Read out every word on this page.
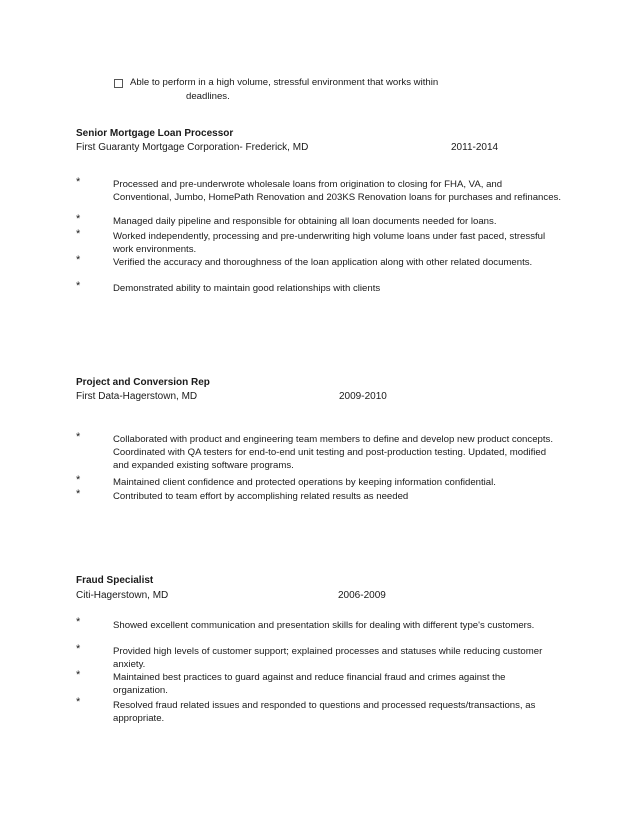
Able to perform in a high volume, stressful environment that works within
deadlines.
Senior Mortgage Loan Processor
First Guaranty Mortgage Corporation- Frederick, MD	2011-2014
*	Processed and pre-underwrote wholesale loans from origination to closing for FHA, VA, and Conventional, Jumbo, HomePath Renovation and 203KS Renovation loans for purchases and refinances.
*	Managed daily pipeline and responsible for obtaining all loan documents needed for loans.
*	Worked independently, processing and pre-underwriting high volume loans under fast paced, stressful work environments.
*	Verified the accuracy and thoroughness of the loan application along with other related documents.
*	Demonstrated ability to maintain good relationships with clients
Project and Conversion Rep
First Data-Hagerstown, MD	2009-2010
*	Collaborated with product and engineering team members to define and develop new product concepts. Coordinated with QA testers for end-to-end unit testing and post-production testing. Updated, modified and expanded existing software programs.
*	Maintained client confidence and protected operations by keeping information confidential.
*	Contributed to team effort by accomplishing related results as needed
Fraud Specialist
Citi-Hagerstown, MD	2006-2009
*	Showed excellent communication and presentation skills for dealing with different type's customers.
*	Provided high levels of customer support; explained processes and statuses while reducing customer anxiety.
*	Maintained best practices to guard against and reduce financial fraud and crimes against the organization.
*	Resolved fraud related issues and responded to questions and processed requests/transactions, as appropriate.
